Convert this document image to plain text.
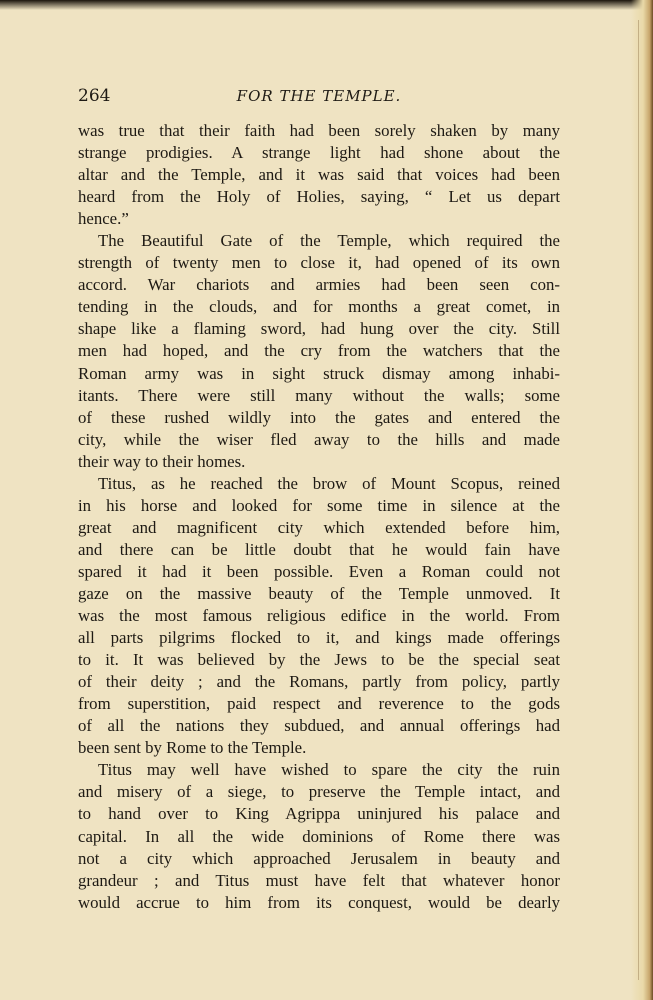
264	FOR THE TEMPLE.
was true that their faith had been sorely shaken by many
strange prodigies. A strange light had shone about the
altar and the Temple, and it was said that voices had been
heard from the Holy of Holies, saying, “ Let us depart
hence.”
The Beautiful Gate of the Temple, which required the
strength of twenty men to close it, had opened of its own
accord. War chariots and armies had been seen con-
tending in the clouds, and for months a great comet, in
shape like a flaming sword, had hung over the city. Still
men had hoped, and the cry from the watchers that the
Roman army was in sight struck dismay among inhabi-
itants. There were still many without the walls; some
of these rushed wildly into the gates and entered the
city, while the wiser fled away to the hills and made
their way to their homes.
Titus, as he reached the brow of Mount Scopus, reined
in his horse and looked for some time in silence at the
great and magnificent city which extended before him,
and there can be little doubt that he would fain have
spared it had it been possible. Even a Roman could not
gaze on the massive beauty of the Temple unmoved. It
was the most famous religious edifice in the world. From
all parts pilgrims flocked to it, and kings made offerings
to it. It was believed by the Jews to be the special seat
of their deity ; and the Romans, partly from policy, partly
from superstition, paid respect and reverence to the gods
of all the nations they subdued, and annual offerings had
been sent by Rome to the Temple.
Titus may well have wished to spare the city the ruin
and misery of a siege, to preserve the Temple intact, and
to hand over to King Agrippa uninjured his palace and
capital. In all the wide dominions of Rome there was
not a city which approached Jerusalem in beauty and
grandeur ; and Titus must have felt that whatever honor
would accrue to him from its conquest, would be dearly
